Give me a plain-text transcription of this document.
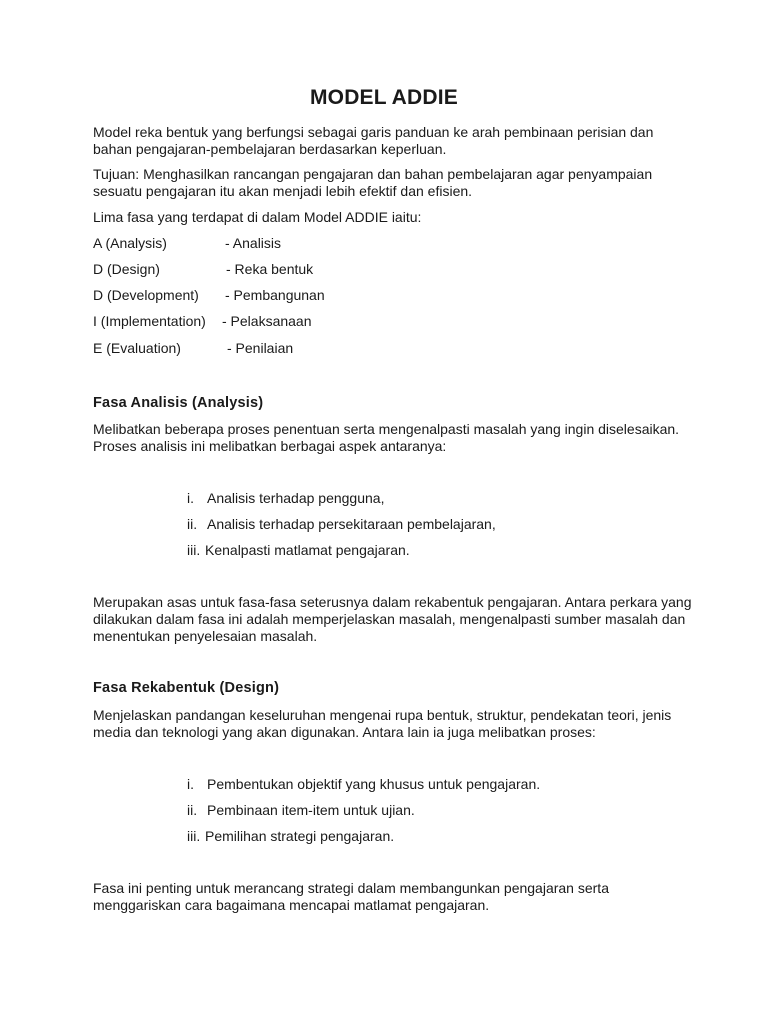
MODEL ADDIE

Model reka bentuk yang berfungsi sebagai garis panduan ke arah pembinaan perisian dan bahan pengajaran-pembelajaran berdasarkan keperluan.

Tujuan: Menghasilkan rancangan pengajaran dan bahan pembelajaran agar penyampaian sesuatu pengajaran itu akan menjadi lebih efektif dan efisien.

Lima fasa yang terdapat di dalam Model ADDIE iaitu:

A (Analysis)	- Analisis
D (Design)	- Reka bentuk
D (Development) - Pembangunan
I (Implementation) - Pelaksanaan
E (Evaluation)	- Penilaian
Fasa Analisis (Analysis)

Melibatkan beberapa proses penentuan serta mengenalpasti masalah yang ingin diselesaikan. Proses analisis ini melibatkan berbagai aspek antaranya:

i. Analisis terhadap pengguna,
ii. Analisis terhadap persekitaraan pembelajaran,
iii. Kenalpasti matlamat pengajaran.

Merupakan asas untuk fasa-fasa seterusnya dalam rekabentuk pengajaran. Antara perkara yang dilakukan dalam fasa ini adalah memperjelaskan masalah, mengenalpasti sumber masalah dan menentukan penyelesaian masalah.

Fasa Rekabentuk (Design)

Menjelaskan pandangan keseluruhan mengenai rupa bentuk, struktur, pendekatan teori, jenis media dan teknologi yang akan digunakan. Antara lain ia juga melibatkan proses:

i. Pembentukan objektif yang khusus untuk pengajaran.
ii. Pembinaan item-item untuk ujian.
iii. Pemilihan strategi pengajaran.

Fasa ini penting untuk merancang strategi dalam membangunkan pengajaran serta menggariskan cara bagaimana mencapai matlamat pengajaran.
